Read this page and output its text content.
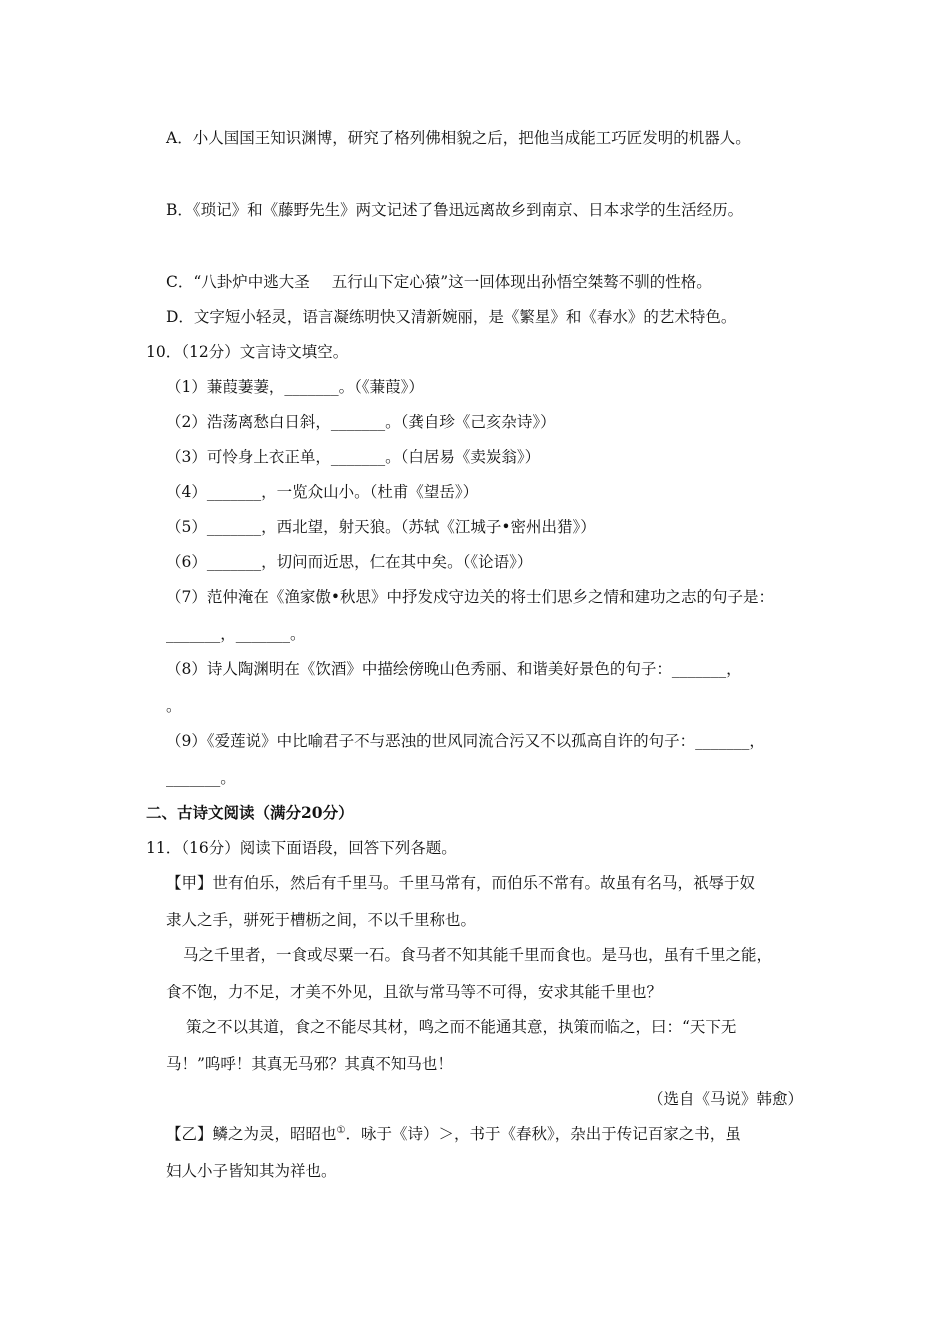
A．小人国国王知识渊博，研究了格列佛相貌之后，把他当成能工巧匠发明的机器人。
B．《琐记》和《藤野先生》两文记述了鲁迅远离故乡到南京、日本求学的生活经历。
C．“八卦炉中逃大圣 五行山下定心猿”这一回体现出孙悟空桀骜不驯的性格。
D．文字短小轻灵，语言凝练明快又清新婉丽，是《繁星》和《春水》的艺术特色。
10．（12分）文言诗文填空。
（1）蒹葭萋萋，_______。（《蒹葭》）
（2）浩荡离愁白日斜，_______。（龚自珍《己亥杂诗》）
（3）可怜身上衣正单，_______。（白居易《卖炭翁》）
（4）_______，一览众山小。（杜甫《望岳》）
（5）_______，西北望，射天狼。（苏轼《江城子•密州出猎》）
（6）_______，切问而近思，仁在其中矣。（《论语》）
（7）范仲淹在《渔家傲•秋思》中抒发戍守边关的将士们思乡之情和建功之志的句子是：
_______，_______。
（8）诗人陶渊明在《饮酒》中描绘傍晚山色秀丽、和谐美好景色的句子：_______，
。
（9）《爱莲说》中比喻君子不与恶浊的世风同流合污又不以孤高自许的句子：_______，
_______。
二、古诗文阅读（满分20分）
11．（16分）阅读下面语段，回答下列各题。
【甲】世有伯乐，然后有千里马。千里马常有，而伯乐不常有。故虽有名马，祇辱于奴
隶人之手，骈死于槽枥之间，不以千里称也。
马之千里者，一食或尽粟一石。食马者不知其能千里而食也。是马也，虽有千里之能，
食不饱，力不足，才美不外见，且欲与常马等不可得，安求其能千里也？
策之不以其道，食之不能尽其材，鸣之而不能通其意，执策而临之，曰：“天下无
马！”呜呼！其真无马邪？其真不知马也！
（选自《马说》韩愈）
【乙】鳞之为灵，昭昭也①．咏于《诗）＞，书于《春秋》，杂出于传记百家之书，虽
妇人小子皆知其为祥也。
